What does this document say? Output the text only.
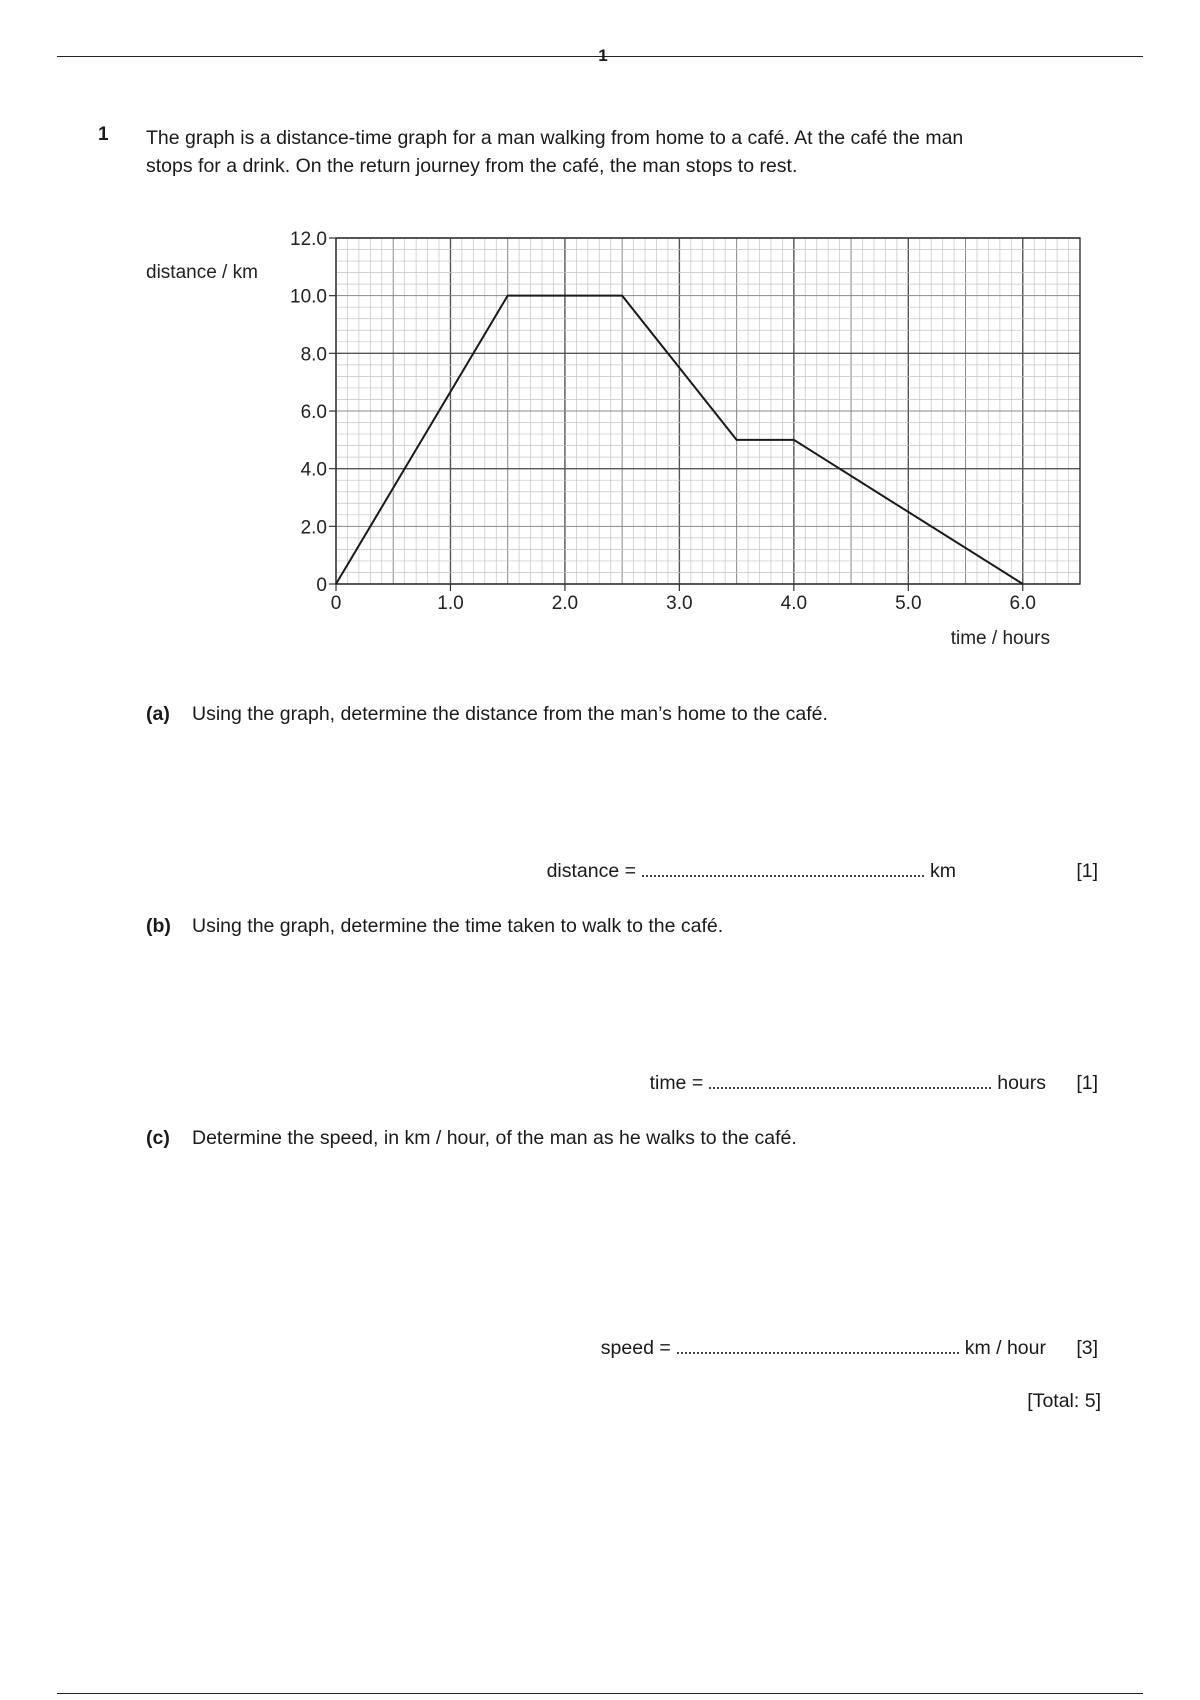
1
1 The graph is a distance-time graph for a man walking from home to a café. At the café the man

stops for a drink. On the return journey from the café, the man stops to rest.

0	1.0	2.0	3.0	4.0	5.0	6.0
0
2.0
4.0
6.0
8.0
10.0
12.0
distance / km
time / hours
(a) Using the graph, determine the distance from the man’s home to the café.
distance =	km	[1]
(b) Using the graph, determine the time taken to walk to the café.
time =	hours [1]
(c) Determine the speed, in km / hour, of the man as he walks to the café.
speed =	km / hour [3]
[Total: 5]
